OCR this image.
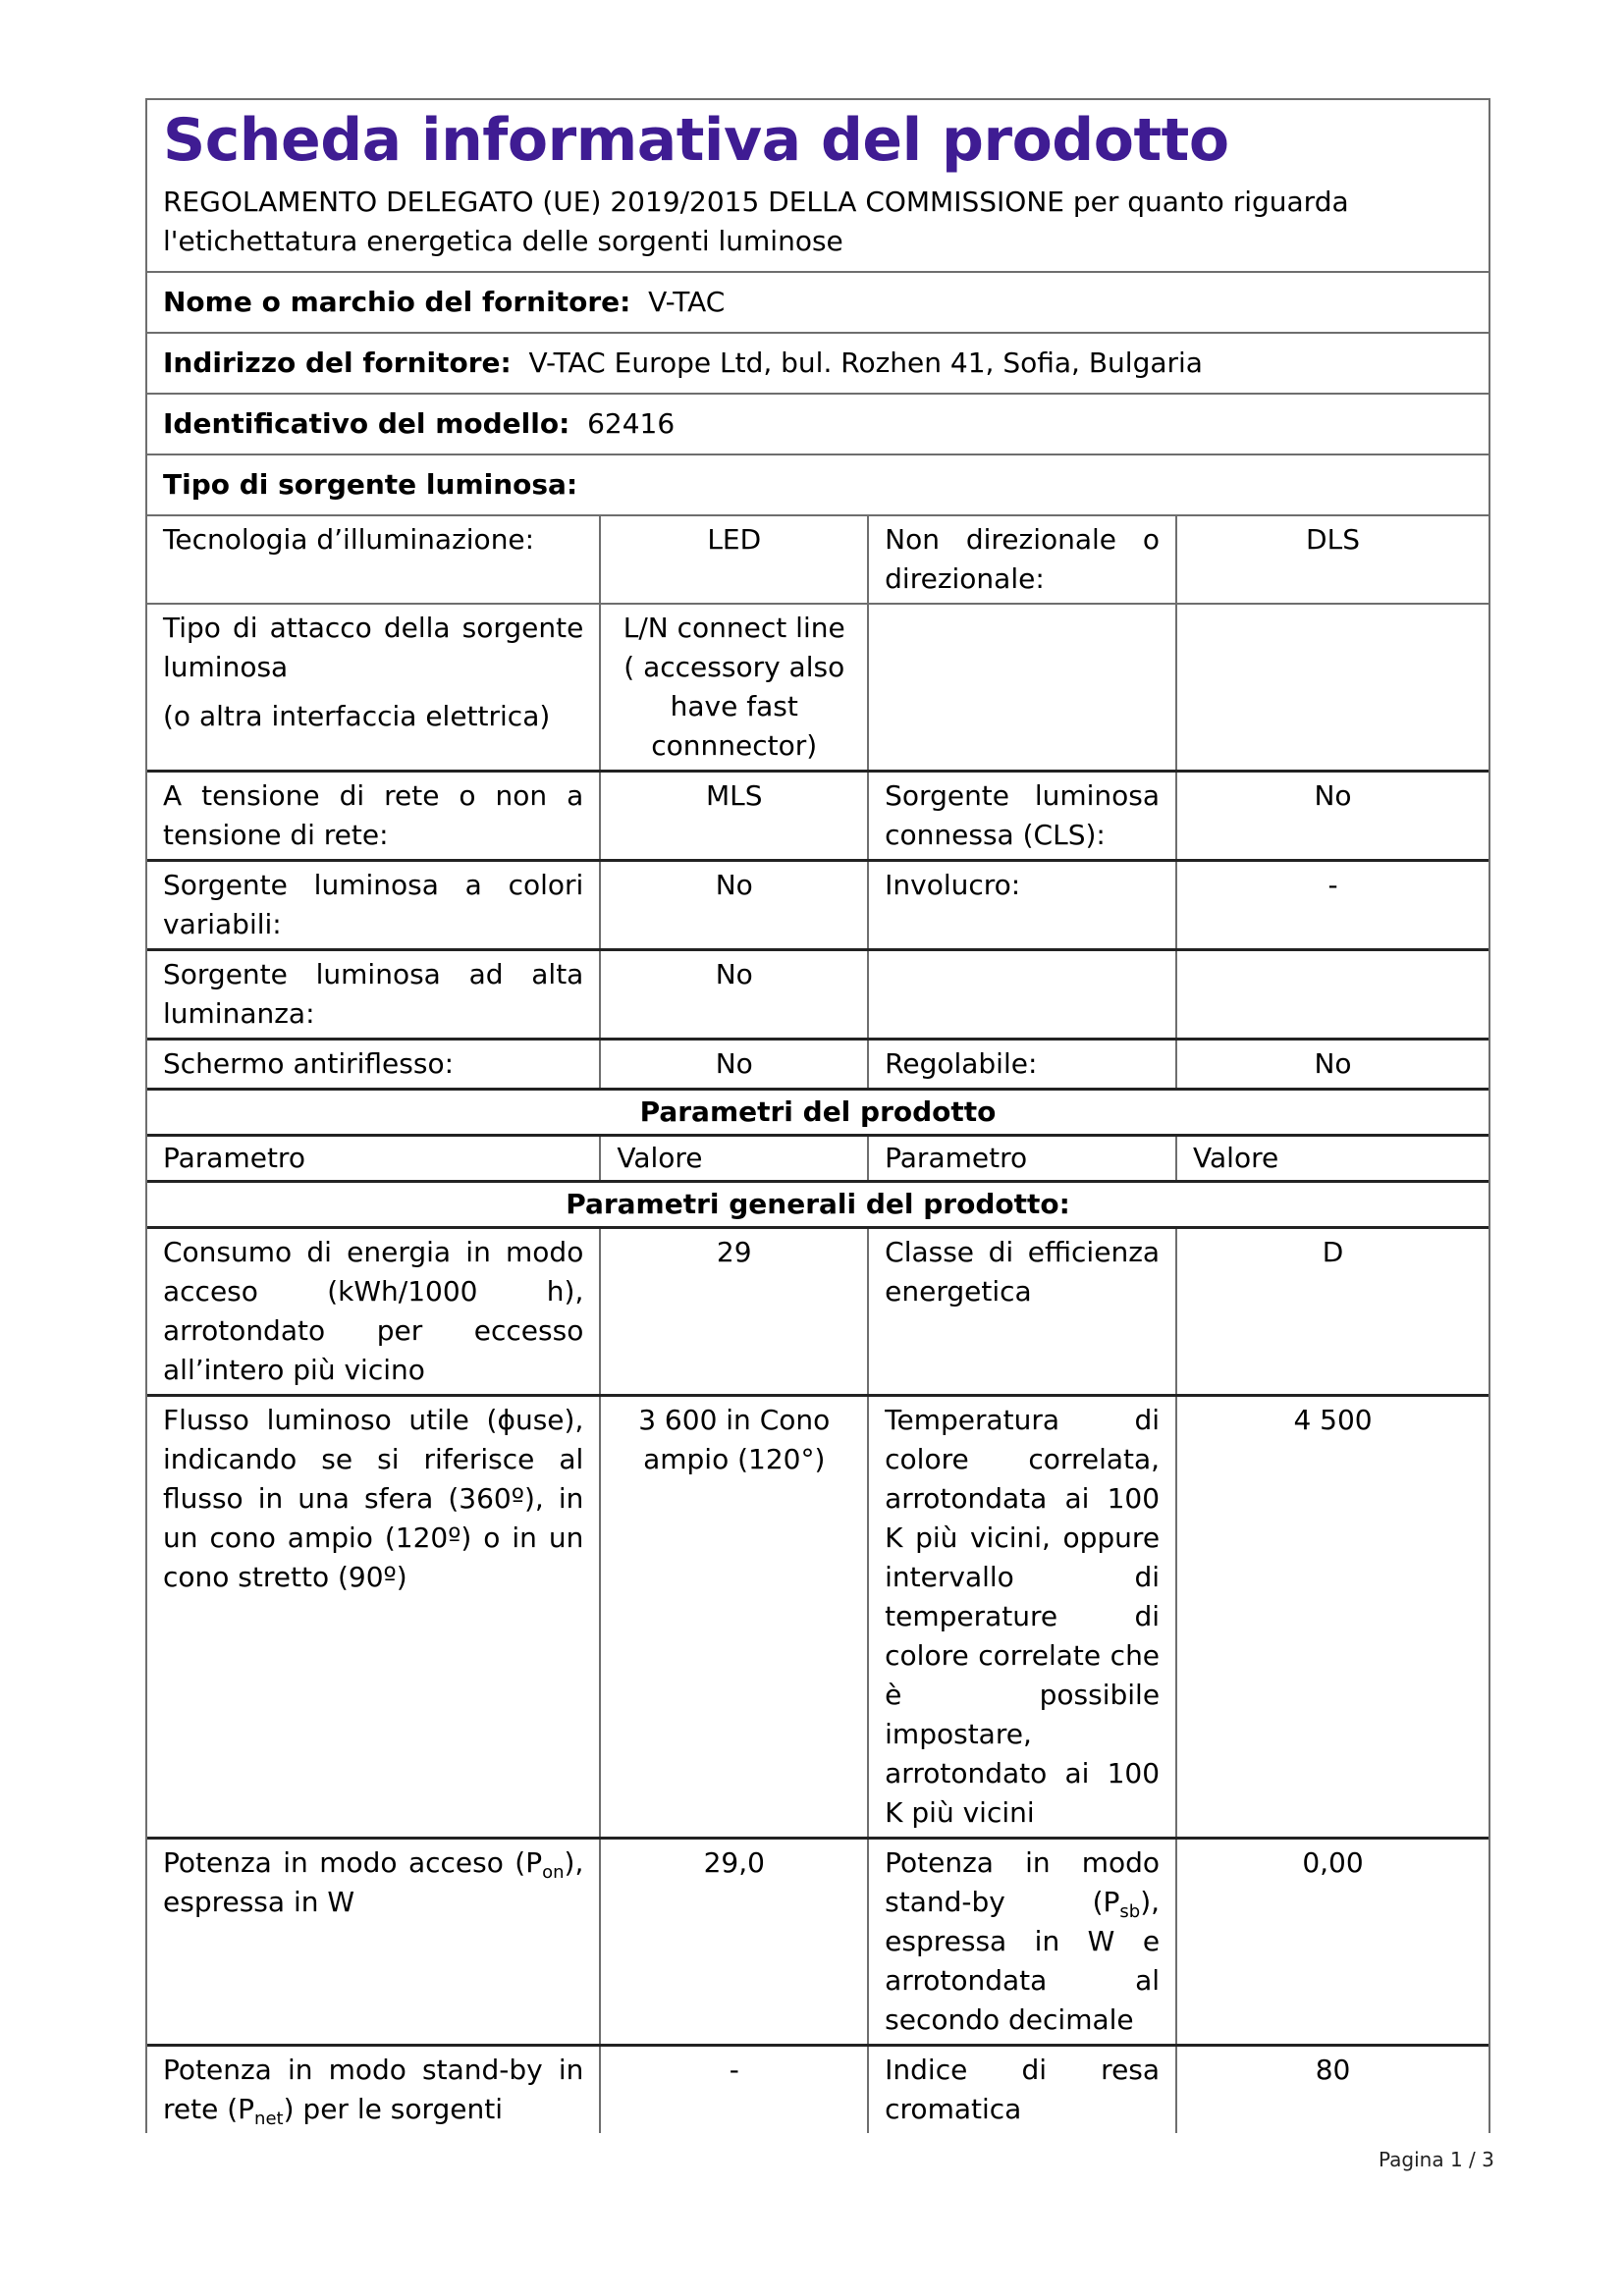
Scheda informativa del prodotto
REGOLAMENTO DELEGATO (UE) 2019/2015 DELLA COMMISSIONE per quanto riguarda l'etichettatura energetica delle sorgenti luminose
Nome o marchio del fornitore: V-TAC
Indirizzo del fornitore: V-TAC Europe Ltd, bul. Rozhen 41, Sofia, Bulgaria
Identificativo del modello: 62416
Tipo di sorgente luminosa:
Tecnologia d’illuminazione:	LED	Non direzionale o direzionale:	DLS

Tipo di attacco della sorgente luminosa
(o altra interfaccia elettrica)	L/N connect line ( accessory also have fast connnector)		
A tensione di rete o non a tensione di rete:	MLS	Sorgente luminosa connessa (CLS):	No
Sorgente luminosa a colori variabili:	No	Involucro:	-
Sorgente luminosa ad alta luminanza:	No		
Schermo antiriflesso:	No	Regolabile:	No
Parametri del prodotto			
Parametro	Valore	Parametro	Valore
Parametri generali del prodotto:			
Consumo di energia in modo acceso (kWh/1000 h), arrotondato per eccesso all’intero più vicino	29	Classe di efficienza energetica	D
Flusso luminoso utile (ɸuse), indicando se si riferisce al flusso in una sfera (360º), in un cono ampio (120º) o in un cono stretto (90º)	3 600 in Cono ampio (120°)	Temperatura di colore correlata, arrotondata ai 100 K più vicini, oppure intervallo di temperature di colore correlate che è possibile impostare, arrotondato ai 100 K più vicini	4 500
Potenza in modo acceso $(P_{on})$, espressa in W	29,0	Potenza in modo stand-by $(P_{sb})$, espressa in W e arrotondata al secondo decimale	0,00
Potenza in modo stand-by in rete $(P_{net})$ per le sorgenti	-	Indice di resa cromatica	80
Pagina 1 / 3
